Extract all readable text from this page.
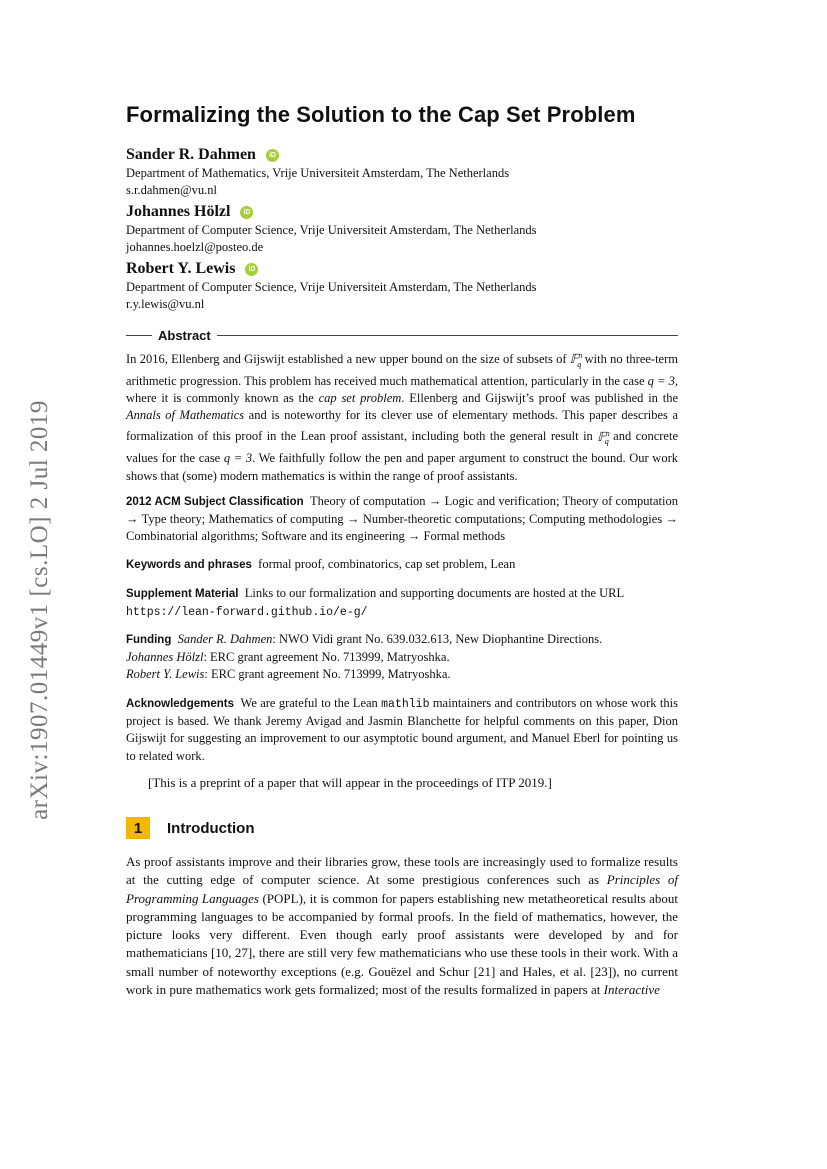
arXiv:1907.01449v1 [cs.LO] 2 Jul 2019
Formalizing the Solution to the Cap Set Problem
Sander R. Dahmen	iD
Department of Mathematics, Vrije Universiteit Amsterdam, The Netherlands
s.r.dahmen@vu.nl
Johannes Hölzl	iD
Department of Computer Science, Vrije Universiteit Amsterdam, The Netherlands
johannes.hoelzl@posteo.de
Robert Y. Lewis	iD
Department of Computer Science, Vrije Universiteit Amsterdam, The Netherlands
r.y.lewis@vu.nl
Abstract
In 2016, Ellenberg and Gijswijt established a new upper bound on the size of subsets of 𝔽$^n_q$ with no three-term arithmetic progression. This problem has received much mathematical attention, particularly in the case q = 3, where it is commonly known as the cap set problem. Ellenberg and Gijswijt’s proof was published in the Annals of Mathematics and is noteworthy for its clever use of elementary methods. This paper describes a formalization of this proof in the Lean proof assistant, including both the general result in 𝔽$^n_q$ and concrete values for the case q = 3. We faithfully follow the pen and paper argument to construct the bound. Our work shows that (some) modern mathematics is within the range of proof assistants.
2012 ACM Subject Classification Theory of computation → Logic and verification; Theory of computation → Type theory; Mathematics of computing → Number-theoretic computations; Computing methodologies → Combinatorial algorithms; Software and its engineering → Formal methods
Keywords and phrases formal proof, combinatorics, cap set problem, Lean
Supplement Material Links to our formalization and supporting documents are hosted at the URL
https://lean-forward.github.io/e-g/
Funding Sander R. Dahmen: NWO Vidi grant No. 639.032.613, New Diophantine Directions.
Johannes Hölzl: ERC grant agreement No. 713999, Matryoshka.
Robert Y. Lewis: ERC grant agreement No. 713999, Matryoshka.
Acknowledgements We are grateful to the Lean mathlib maintainers and contributors on whose work this project is based. We thank Jeremy Avigad and Jasmin Blanchette for helpful comments on this paper, Dion Gijswijt for suggesting an improvement to our asymptotic bound argument, and Manuel Eberl for pointing us to related work.
[This is a preprint of a paper that will appear in the proceedings of ITP 2019.]
1	Introduction
As proof assistants improve and their libraries grow, these tools are increasingly used to formalize results at the cutting edge of computer science. At some prestigious conferences such as Principles of Programming Languages (POPL), it is common for papers establishing new metatheoretical results about programming languages to be accompanied by formal proofs. In the field of mathematics, however, the picture looks very different. Even though early proof assistants were developed by and for mathematicians [10, 27], there are still very few mathematicians who use these tools in their work. With a small number of noteworthy exceptions (e.g. Gouëzel and Schur [21] and Hales, et al. [23]), no current work in pure mathematics work gets formalized; most of the results formalized in papers at Interactive
